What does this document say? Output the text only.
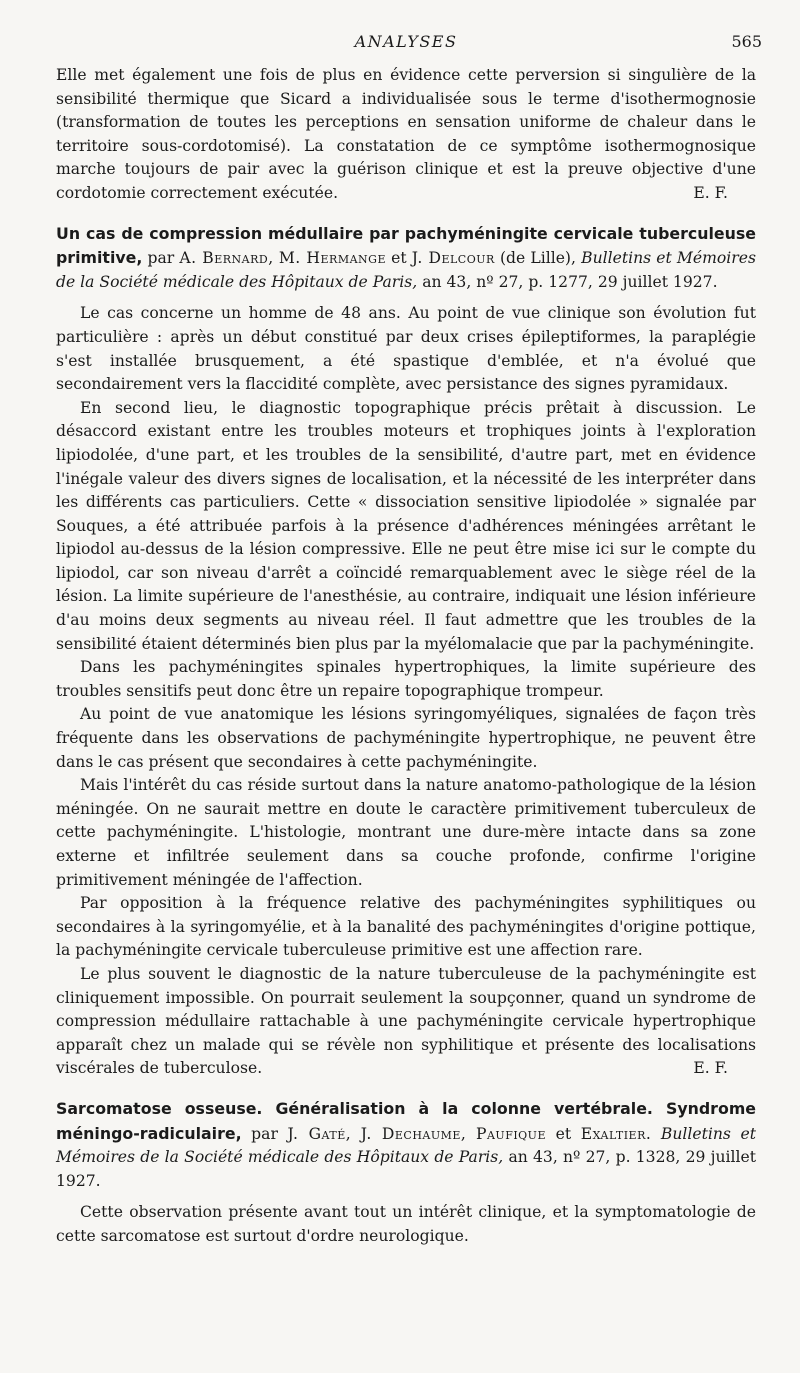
ANALYSES	565

Elle met également une fois de plus en évidence cette perversion si singulière de la sensibilité thermique que Sicard a individualisée sous le terme d'isothermognosie (transformation de toutes les perceptions en sensation uniforme de chaleur dans le territoire sous-cordotomisé). La constatation de ce symptôme isothermognosique marche toujours de pair avec la guérison clinique et est la preuve objective d'une cordotomie correctement exécutée.	E. F.

Un cas de compression médullaire par pachyméningite cervicale tuberculeuse primitive, par A. Bernard, M. Hermange et J. Delcour (de Lille), Bulletins et Mémoires de la Société médicale des Hôpitaux de Paris, an 43, nº 27, p. 1277, 29 juillet 1927.

Le cas concerne un homme de 48 ans. Au point de vue clinique son évolution fut particulière : après un début constitué par deux crises épileptiformes, la paraplégie s'est installée brusquement, a été spastique d'emblée, et n'a évolué que secondairement vers la flaccidité complète, avec persistance des signes pyramidaux.

En second lieu, le diagnostic topographique précis prêtait à discussion. Le désaccord existant entre les troubles moteurs et trophiques joints à l'exploration lipiodolée, d'une part, et les troubles de la sensibilité, d'autre part, met en évidence l'inégale valeur des divers signes de localisation, et la nécessité de les interpréter dans les différents cas particuliers. Cette « dissociation sensitive lipiodolée » signalée par Souques, a été attribuée parfois à la présence d'adhérences méningées arrêtant le lipiodol au-dessus de la lésion compressive. Elle ne peut être mise ici sur le compte du lipiodol, car son niveau d'arrêt a coïncidé remarquablement avec le siège réel de la lésion. La limite supérieure de l'anesthésie, au contraire, indiquait une lésion inférieure d'au moins deux segments au niveau réel. Il faut admettre que les troubles de la sensibilité étaient déterminés bien plus par la myélomalacie que par la pachyméningite.

Dans les pachyméningites spinales hypertrophiques, la limite supérieure des troubles sensitifs peut donc être un repaire topographique trompeur.

Au point de vue anatomique les lésions syringomyéliques, signalées de façon très fréquente dans les observations de pachyméningite hypertrophique, ne peuvent être dans le cas présent que secondaires à cette pachyméningite.

Mais l'intérêt du cas réside surtout dans la nature anatomo-pathologique de la lésion méningée. On ne saurait mettre en doute le caractère primitivement tuberculeux de cette pachyméningite. L'histologie, montrant une dure-mère intacte dans sa zone externe et infiltrée seulement dans sa couche profonde, confirme l'origine primitivement méningée de l'affection.

Par opposition à la fréquence relative des pachyméningites syphilitiques ou secondaires à la syringomyélie, et à la banalité des pachyméningites d'origine pottique, la pachyméningite cervicale tuberculeuse primitive est une affection rare.

Le plus souvent le diagnostic de la nature tuberculeuse de la pachyméningite est cliniquement impossible. On pourrait seulement la soupçonner, quand un syndrome de compression médullaire rattachable à une pachyméningite cervicale hypertrophique apparaît chez un malade qui se révèle non syphilitique et présente des localisations viscérales de tuberculose.	E. F.

Sarcomatose osseuse. Généralisation à la colonne vertébrale. Syndrome méningo-radiculaire, par J. Gaté, J. Dechaume, Paufique et Exaltier. Bulletins et Mémoires de la Société médicale des Hôpitaux de Paris, an 43, nº 27, p. 1328, 29 juillet 1927.

Cette observation présente avant tout un intérêt clinique, et la symptomatologie de cette sarcomatose est surtout d'ordre neurologique.
